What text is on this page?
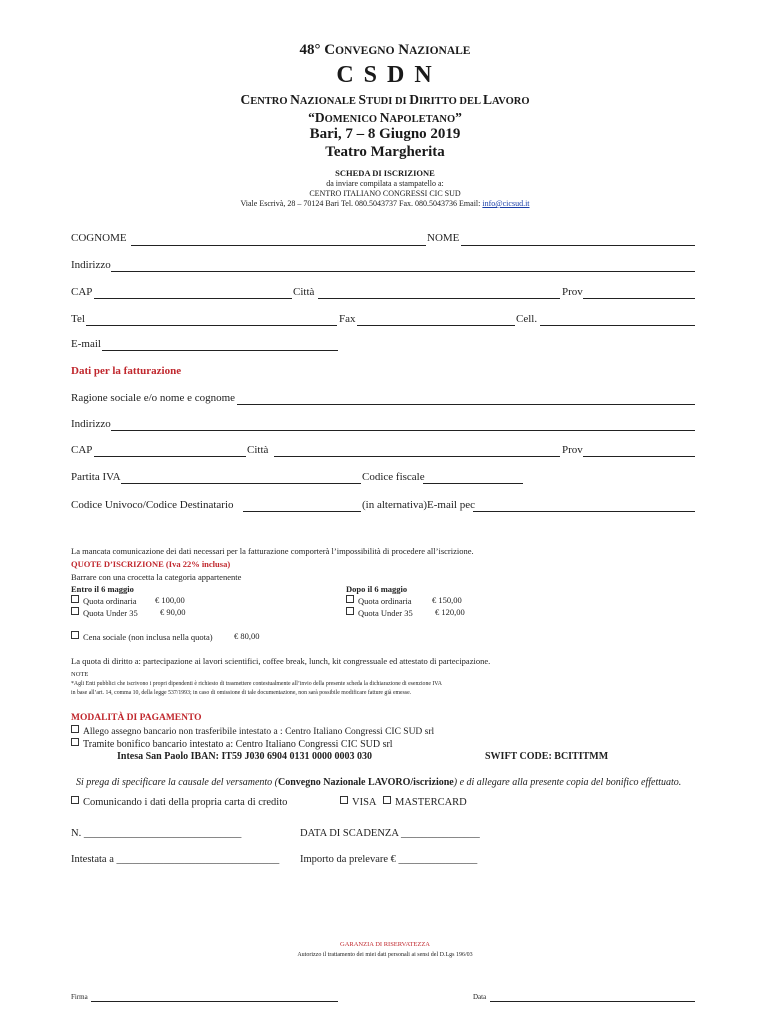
48° CONVEGNO NAZIONALE
C S D N
CENTRO NAZIONALE STUDI DI DIRITTO DEL LAVORO
“DOMENICO NAPOLETANO”
Bari, 7 – 8 Giugno 2019
Teatro Margherita
SCHEDA DI ISCRIZIONE
da inviare compilata a stampatello a:
CENTRO ITALIANO CONGRESSI CIC SUD
Viale Escrivà, 28 – 70124 Bari Tel. 080.5043737 Fax. 080.5043736 Email: info@cicsud.it
COGNOME	NOME
Indirizzo
CAP	Città	Prov
Tel	Fax	Cell.
E-mail
Dati per la fatturazione
Ragione sociale e/o nome e cognome
Indirizzo
CAP	Città	Prov
Partita IVA	Codice fiscale
Codice Univoco/Codice Destinatario	(in alternativa)E-mail pec
La mancata comunicazione dei dati necessari per la fatturazione comporterà l’impossibilità di procedere all’iscrizione.
QUOTE D’ISCRIZIONE (Iva 22% inclusa)
Barrare con una crocetta la categoria appartenente
Entro il 6 maggio
Quota ordinaria € 100,00
Quota Under 35	€ 90,00
Dopo il 6 maggio
Quota ordinaria € 150,00
Quota Under 35	€ 120,00
Cena sociale (non inclusa nella quota)	€ 80,00
La quota di diritto a: partecipazione ai lavori scientifici, coffee break, lunch, kit congressuale ed attestato di partecipazione.
NOTE
*Agli Enti pubblici che iscrivono i propri dipendenti è richiesto di trasmettere contestualmente all’invio della presente scheda la dichiarazione di esenzione IVA
in base all’art. 14, comma 10, della legge 537/1993; in caso di omissione di tale documentazione, non sarà possibile modificare fatture già emesse.
MODALITÀ DI PAGAMENTO
Allego assegno bancario non trasferibile intestato a : Centro Italiano Congressi CIC SUD srl
Tramite bonifico bancario intestato a: Centro Italiano Congressi CIC SUD srl
Intesa San Paolo IBAN: IT59 J030 6904 0131 0000 0003 030	SWIFT CODE: BCITITMM
Si prega di specificare la causale del versamento (Convegno Nazionale LAVORO/iscrizione) e di allegare alla presente copia del bonifico effettuato.
Comunicando i dati della propria carta di credito	VISA	MASTERCARD
N. ______________________________	DATA DI SCADENZA _______________
Intestata a _______________________________ Importo da prelevare € _______________
GARANZIA DI RISERVATEZZA
Autorizzo il trattamento dei miei dati personali ai sensi del D.Lgs 196/03
Firma	Data
